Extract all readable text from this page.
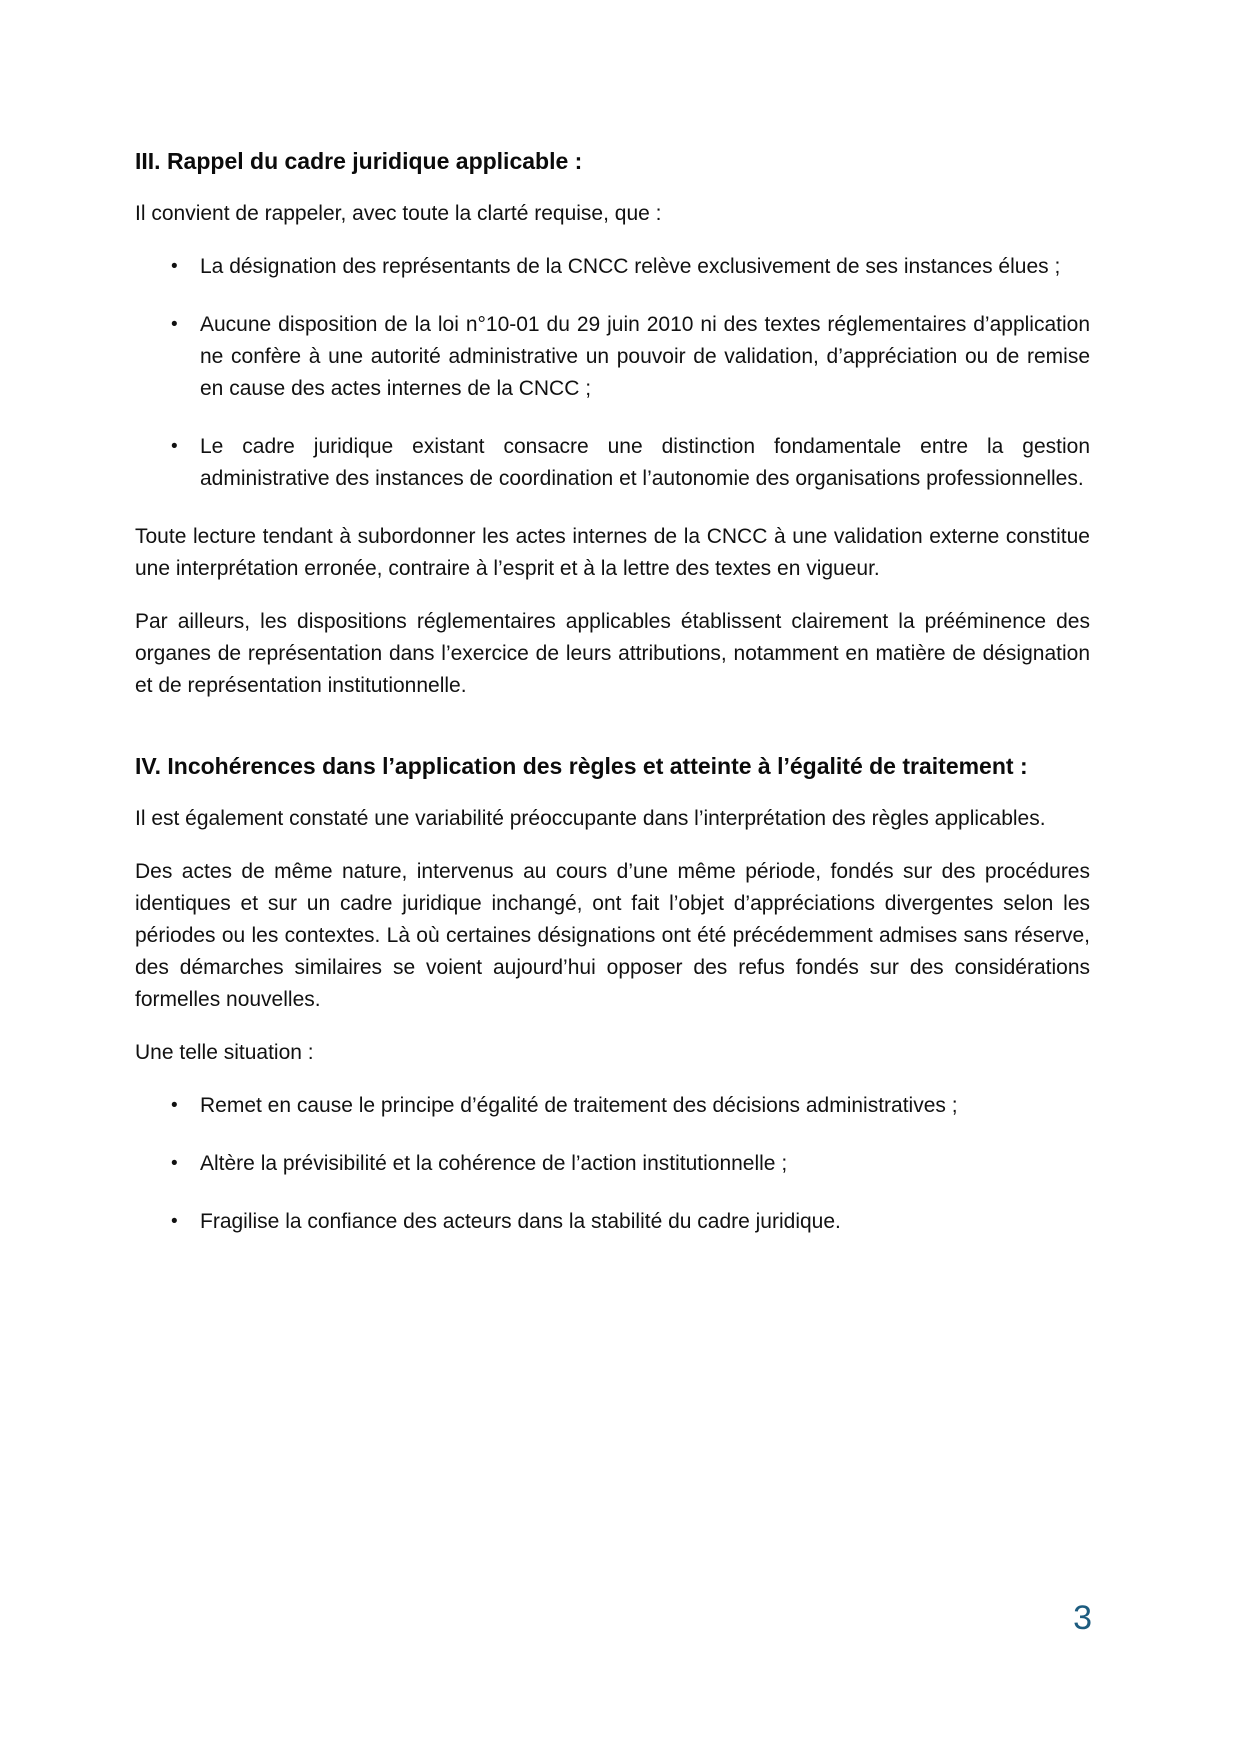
III. Rappel du cadre juridique applicable :

Il convient de rappeler, avec toute la clarté requise, que :

• La désignation des représentants de la CNCC relève exclusivement de ses instances élues ;
• Aucune disposition de la loi n°10-01 du 29 juin 2010 ni des textes réglementaires d’application ne confère à une autorité administrative un pouvoir de validation, d’appréciation ou de remise en cause des actes internes de la CNCC ;
• Le cadre juridique existant consacre une distinction fondamentale entre la gestion administrative des instances de coordination et l’autonomie des organisations professionnelles.

Toute lecture tendant à subordonner les actes internes de la CNCC à une validation externe constitue une interprétation erronée, contraire à l’esprit et à la lettre des textes en vigueur.

Par ailleurs, les dispositions réglementaires applicables établissent clairement la prééminence des organes de représentation dans l’exercice de leurs attributions, notamment en matière de désignation et de représentation institutionnelle.

IV. Incohérences dans l’application des règles et atteinte à l’égalité de traitement :

Il est également constaté une variabilité préoccupante dans l’interprétation des règles applicables.

Des actes de même nature, intervenus au cours d’une même période, fondés sur des procédures identiques et sur un cadre juridique inchangé, ont fait l’objet d’appréciations divergentes selon les périodes ou les contextes. Là où certaines désignations ont été précédemment admises sans réserve, des démarches similaires se voient aujourd’hui opposer des refus fondés sur des considérations formelles nouvelles.

Une telle situation :

• Remet en cause le principe d’égalité de traitement des décisions administratives ;
• Altère la prévisibilité et la cohérence de l’action institutionnelle ;
• Fragilise la confiance des acteurs dans la stabilité du cadre juridique.
3
